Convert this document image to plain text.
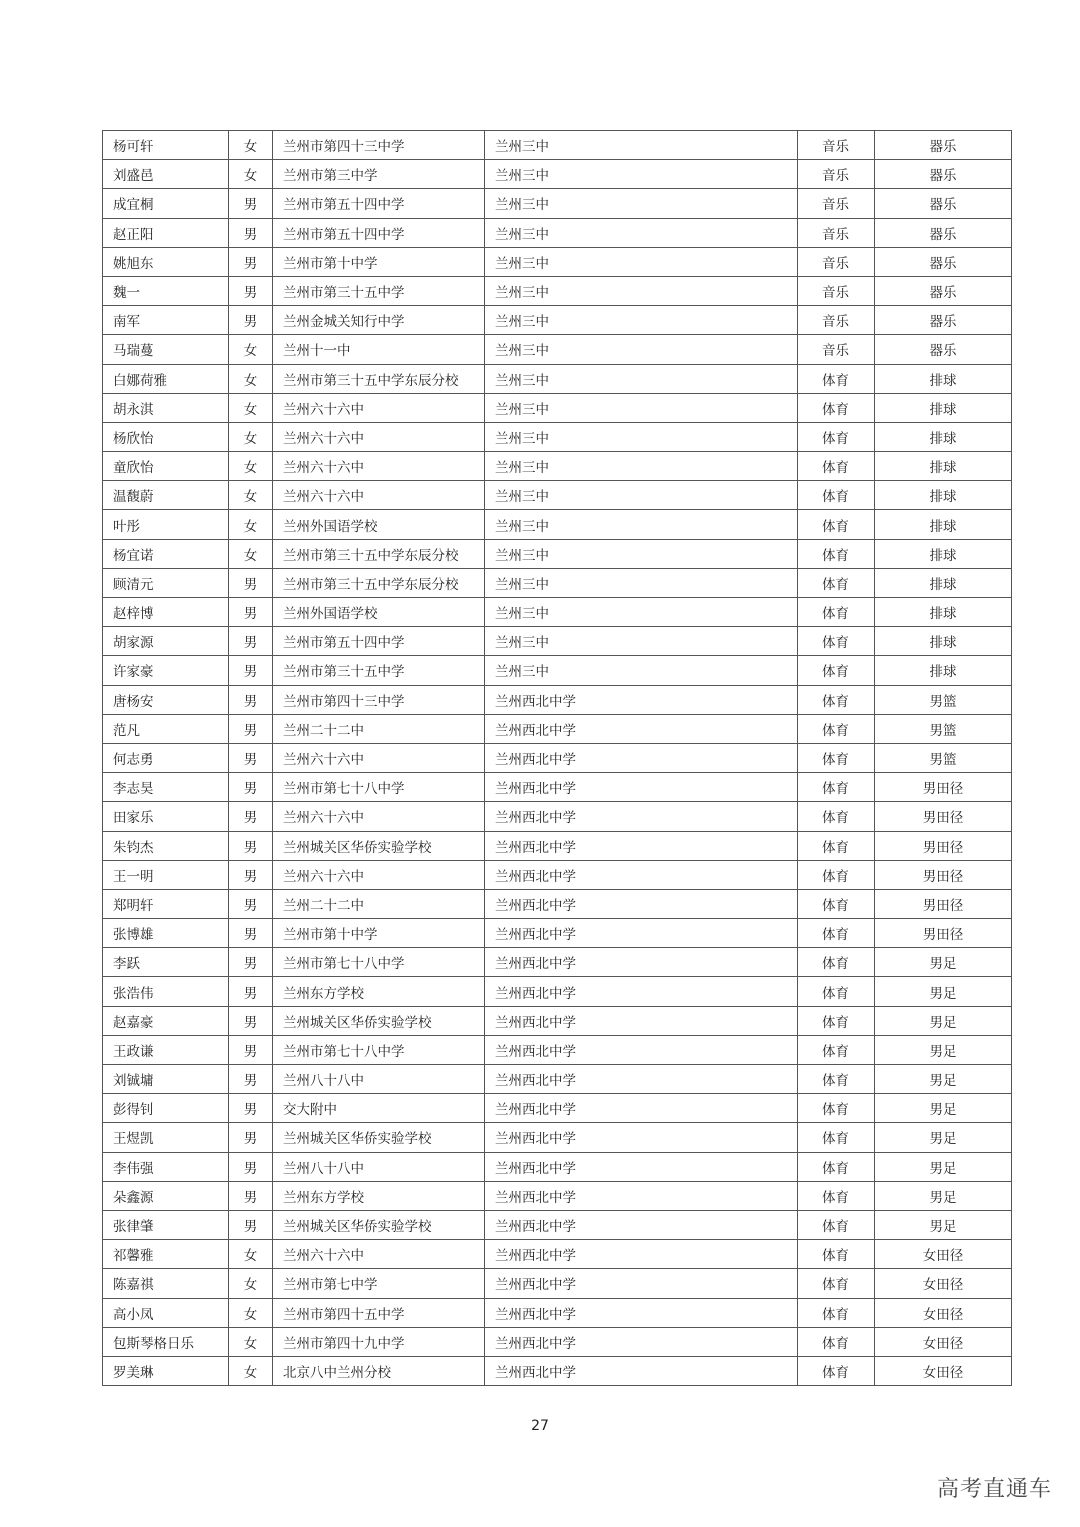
杨可轩	女	兰州市第四十三中学	兰州三中	音乐	器乐
刘盛邑	女	兰州市第三中学	兰州三中	音乐	器乐
成宜桐	男	兰州市第五十四中学	兰州三中	音乐	器乐
赵正阳	男	兰州市第五十四中学	兰州三中	音乐	器乐
姚旭东	男	兰州市第十中学	兰州三中	音乐	器乐
魏一	男	兰州市第三十五中学	兰州三中	音乐	器乐
南军	男	兰州金城关知行中学	兰州三中	音乐	器乐
马瑞蔓	女	兰州十一中	兰州三中	音乐	器乐
白娜荷雅	女	兰州市第三十五中学东辰分校	兰州三中	体育	排球
胡永淇	女	兰州六十六中	兰州三中	体育	排球
杨欣怡	女	兰州六十六中	兰州三中	体育	排球
童欣怡	女	兰州六十六中	兰州三中	体育	排球
温馥蔚	女	兰州六十六中	兰州三中	体育	排球
叶彤	女	兰州外国语学校	兰州三中	体育	排球
杨宜诺	女	兰州市第三十五中学东辰分校	兰州三中	体育	排球
顾清元	男	兰州市第三十五中学东辰分校	兰州三中	体育	排球
赵梓博	男	兰州外国语学校	兰州三中	体育	排球
胡家源	男	兰州市第五十四中学	兰州三中	体育	排球
许家豪	男	兰州市第三十五中学	兰州三中	体育	排球
唐杨安	男	兰州市第四十三中学	兰州西北中学	体育	男篮
范凡	男	兰州二十二中	兰州西北中学	体育	男篮
何志勇	男	兰州六十六中	兰州西北中学	体育	男篮
李志昊	男	兰州市第七十八中学	兰州西北中学	体育	男田径
田家乐	男	兰州六十六中	兰州西北中学	体育	男田径
朱钧杰	男	兰州城关区华侨实验学校	兰州西北中学	体育	男田径
王一明	男	兰州六十六中	兰州西北中学	体育	男田径
郑明轩	男	兰州二十二中	兰州西北中学	体育	男田径
张博雄	男	兰州市第十中学	兰州西北中学	体育	男田径
李跃	男	兰州市第七十八中学	兰州西北中学	体育	男足
张浩伟	男	兰州东方学校	兰州西北中学	体育	男足
赵嘉豪	男	兰州城关区华侨实验学校	兰州西北中学	体育	男足
王政谦	男	兰州市第七十八中学	兰州西北中学	体育	男足
刘铖墉	男	兰州八十八中	兰州西北中学	体育	男足
彭得钊	男	交大附中	兰州西北中学	体育	男足
王煜凯	男	兰州城关区华侨实验学校	兰州西北中学	体育	男足
李伟强	男	兰州八十八中	兰州西北中学	体育	男足
朵鑫源	男	兰州东方学校	兰州西北中学	体育	男足
张律肇	男	兰州城关区华侨实验学校	兰州西北中学	体育	男足
祁馨雅	女	兰州六十六中	兰州西北中学	体育	女田径
陈嘉祺	女	兰州市第七中学	兰州西北中学	体育	女田径
高小凤	女	兰州市第四十五中学	兰州西北中学	体育	女田径
包斯琴格日乐	女	兰州市第四十九中学	兰州西北中学	体育	女田径
罗美琳	女	北京八中兰州分校	兰州西北中学	体育	女田径
27
高考直通车
